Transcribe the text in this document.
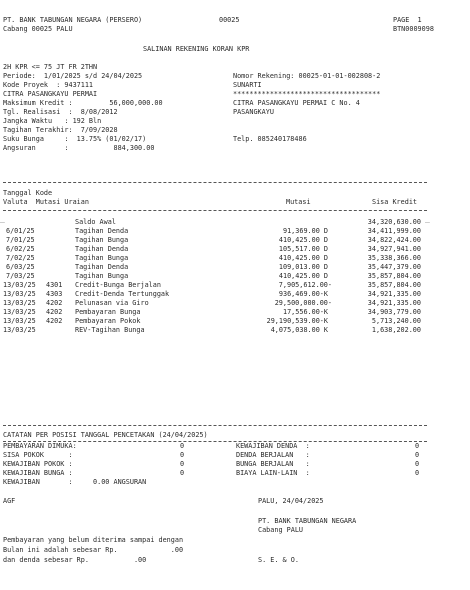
PT. BANK TABUNGAN NEGARA (PERSERO)	00025	PAGE  1
Cabang 00025 PALU	BTN0009098
SALINAN REKENING KORAN KPR
2H KPR <= 75 JT FR 2THN
Periode:  1/01/2025 s/d 24/04/2025
Kode Proyek  : 9437111
CITRA PASANGKAYU PERMAI
Maksimum Kredit :         56,000,000.00
Tgl. Realisasi  :  8/08/2012
Jangka Waktu   : 192 Bln
Tagihan Terakhir:  7/09/2028
Suku Bunga     :  13.75% (01/02/17)
Angsuran       :           884,300.00
Nomor Rekening: 00025-01-01-002808-2
SUNARTI
************************************
CITRA PASANGKAYU PERMAI C No. 4
PASANGKAYU
Telp. 085240178486
Tanggal Kode
Valuta  Mutasi Uraian	Mutasi	Sisa Kredit
‾	‾
Saldo Awal	34,320,630.00
6/01/25	Tagihan Denda	91,369.00 D	34,411,999.00
7/01/25	Tagihan Bunga	410,425.00 D	34,822,424.00
6/02/25	Tagihan Denda	105,517.00 D	34,927,941.00
7/02/25	Tagihan Bunga	410,425.00 D	35,338,366.00
6/03/25	Tagihan Denda	109,013.00 D	35,447,379.00
7/03/25	Tagihan Bunga	410,425.00 D	35,857,804.00
13/03/25 4301 Credit-Bunga Berjalan	7,905,612.00-	35,857,804.00
13/03/25 4303 Credit-Denda Tertunggak	936,469.00-K	34,921,335.00
13/03/25 4202 Pelunasan via Giro	29,500,000.00-	34,921,335.00
13/03/25 4202 Pembayaran Bunga	17,556.00-K	34,903,779.00
13/03/25 4202 Pembayaran Pokok	29,190,539.00-K	5,713,240.00
13/03/25	REV-Tagihan Bunga	4,075,038.00 K	1,638,202.00
CATATAN PER POSISI TANGGAL PENCETAKAN (24/04/2025)
PEMBAYARAN DIMUKA:	0
SISA POKOK      :	0
KEWAJIBAN POKOK :	0
KEWAJIBAN BUNGA :	0
KEWAJIBAN       :     0.00 ANGSURAN
KEWAJIBAN DENDA  :	0
DENDA BERJALAN   :	0
BUNGA BERJALAN   :	0
BIAYA LAIN-LAIN  :	0
AGF	PALU, 24/04/2025
PT. BANK TABUNGAN NEGARA
Cabang PALU
Pembayaran yang belum diterima sampai dengan
Bulan ini adalah sebesar Rp.             .00
dan denda sebesar Rp.           .00	S. E. & O.
